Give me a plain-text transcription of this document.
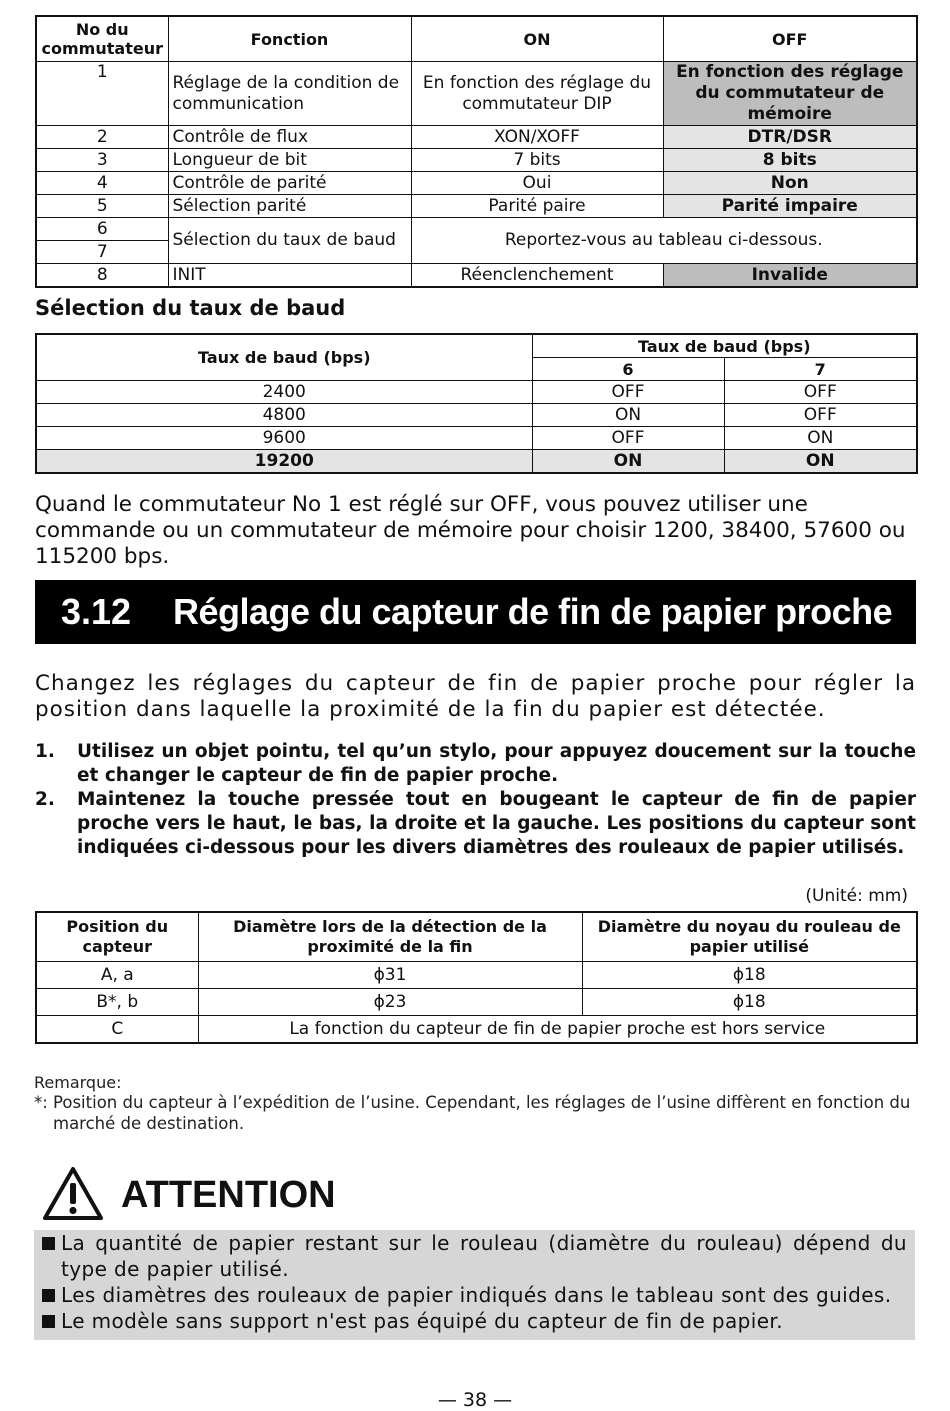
No du commutateur	Fonction	ON	OFF
1	Réglage de la condition de communication	En fonction des réglage du commutateur DIP	En fonction des réglage du commutateur de mémoire
2	Contrôle de flux	XON/XOFF	DTR/DSR
3	Longueur de bit	7 bits	8 bits
4	Contrôle de parité	Oui	Non
5	Sélection parité	Parité paire	Parité impaire
6	Sélection du taux de baud	Reportez-vous au tableau ci-dessous.	
7			
8	INIT	Réenclenchement	Invalide
Sélection du taux de baud
Taux de baud (bps)	Taux de baud (bps)	
	6	7
2400	OFF	OFF
4800	ON	OFF
9600	OFF	ON
19200	ON	ON
Quand le commutateur No 1 est réglé sur OFF, vous pouvez utiliser une commande ou un commutateur de mémoire pour choisir 1200, 38400, 57600 ou 115200 bps.
3.12 Réglage du capteur de fin de papier proche
Changez les réglages du capteur de fin de papier proche pour régler la position dans laquelle la proximité de la fin du papier est détectée.
1. Utilisez un objet pointu, tel qu’un stylo, pour appuyez doucement sur la touche et changer le capteur de fin de papier proche.
2. Maintenez la touche pressée tout en bougeant le capteur de fin de papier proche vers le haut, le bas, la droite et la gauche. Les positions du capteur sont indiquées ci-dessous pour les divers diamètres des rouleaux de papier utilisés.
(Unité: mm)
Position du capteur	Diamètre lors de la détection de la proximité de la fin	Diamètre du noyau du rouleau de papier utilisé
A, a	ϕ31	ϕ18
B*, b	ϕ23	ϕ18
C	La fonction du capteur de fin de papier proche est hors service	
Remarque:
*: Position du capteur à l’expédition de l’usine. Cependant, les réglages de l’usine diffèrent en fonction du marché de destination.
ATTENTION
La quantité de papier restant sur le rouleau (diamètre du rouleau) dépend du type de papier utilisé.
Les diamètres des rouleaux de papier indiqués dans le tableau sont des guides.
Le modèle sans support n'est pas équipé du capteur de fin de papier.
— 38 —
